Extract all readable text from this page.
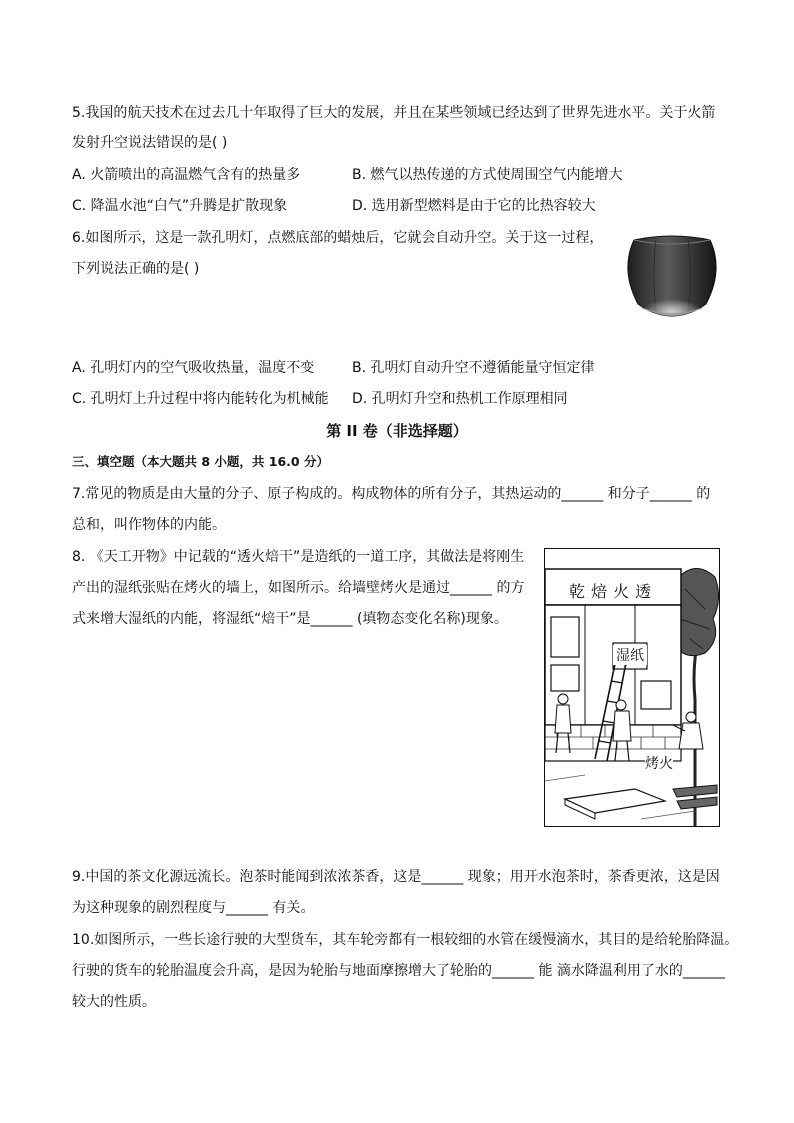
5.我国的航天技术在过去几十年取得了巨大的发展，并且在某些领域已经达到了世界先进水平。关于火箭
发射升空说法错误的是( )
A. 火箭喷出的高温燃气含有的热量多	B. 燃气以热传递的方式使周围空气内能增大
C. 降温水池“白气”升腾是扩散现象	D. 选用新型燃料是由于它的比热容较大
6.如图所示，这是一款孔明灯，点燃底部的蜡烛后，它就会自动升空。关于这一过程，
下列说法正确的是( )
A. 孔明灯内的空气吸收热量，温度不变	B. 孔明灯自动升空不遵循能量守恒定律
C. 孔明灯上升过程中将内能转化为机械能 D. 孔明灯升空和热机工作原理相同
第 II 卷（非选择题）
三、填空题（本大题共 8 小题，共 16.0 分）
7.常见的物质是由大量的分子、原子构成的。构成物体的所有分子，其热运动的______ 和分子______ 的
总和，叫作物体的内能。
8. 《天工开物》中记载的“透火焙干”是造纸的一道工序，其做法是将刚生
产出的湿纸张贴在烤火的墙上，如图所示。给墙壁烤火是通过______ 的方
式来增大湿纸的内能，将湿纸“焙干”是______ (填物态变化名称)现象。
乾焙火透
湿纸
烤火
9.中国的茶文化源远流长。泡茶时能闻到浓浓茶香，这是______ 现象；用开水泡茶时，茶香更浓，这是因
为这种现象的剧烈程度与______ 有关。
10.如图所示，一些长途行驶的大型货车，其车轮旁都有一根较细的水管在缓慢滴水，其目的是给轮胎降温。
行驶的货车的轮胎温度会升高，是因为轮胎与地面摩擦增大了轮胎的______ 能 滴水降温利用了水的______
较大的性质。
